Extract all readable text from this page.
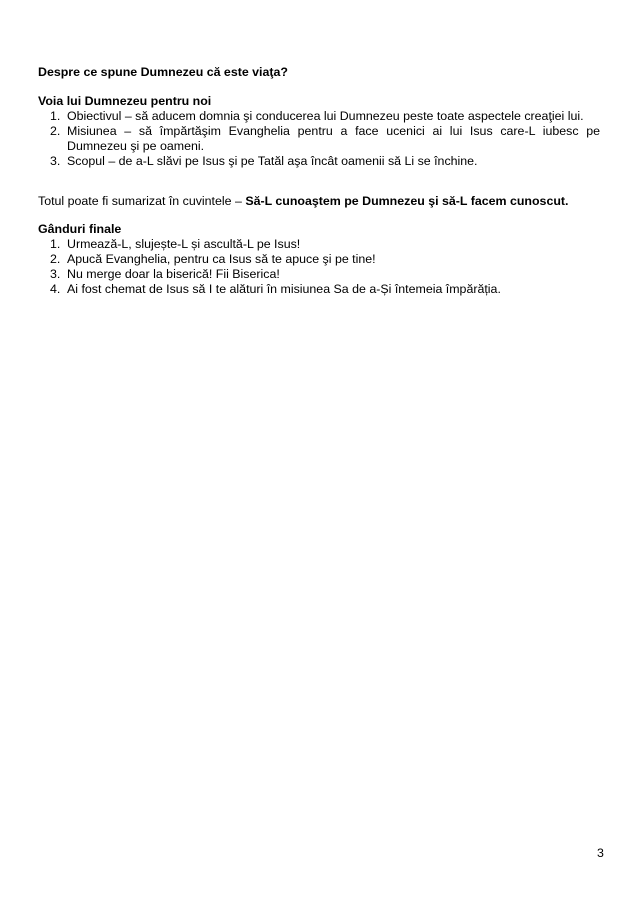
Despre ce spune Dumnezeu că este viaţa?
Voia lui Dumnezeu pentru noi
1. Obiectivul – să aducem domnia şi conducerea lui Dumnezeu peste toate aspectele creaţiei lui.
2. Misiunea – să împărtăşim Evanghelia pentru a face ucenici ai lui Isus care-L iubesc pe Dumnezeu şi pe oameni.
3. Scopul – de a-L slăvi pe Isus şi pe Tatăl aşa încât oamenii să Li se închine.
Totul poate fi sumarizat în cuvintele – Să-L cunoaştem pe Dumnezeu şi să-L facem cunoscut.
Gânduri finale
1. Urmează-L, slujește-L și ascultă-L pe Isus!
2. Apucă Evanghelia, pentru ca Isus să te apuce şi pe tine!
3. Nu merge doar la biserică! Fii Biserica!
4. Ai fost chemat de Isus să I te alături în misiunea Sa de a-Și întemeia împărăția.
3
